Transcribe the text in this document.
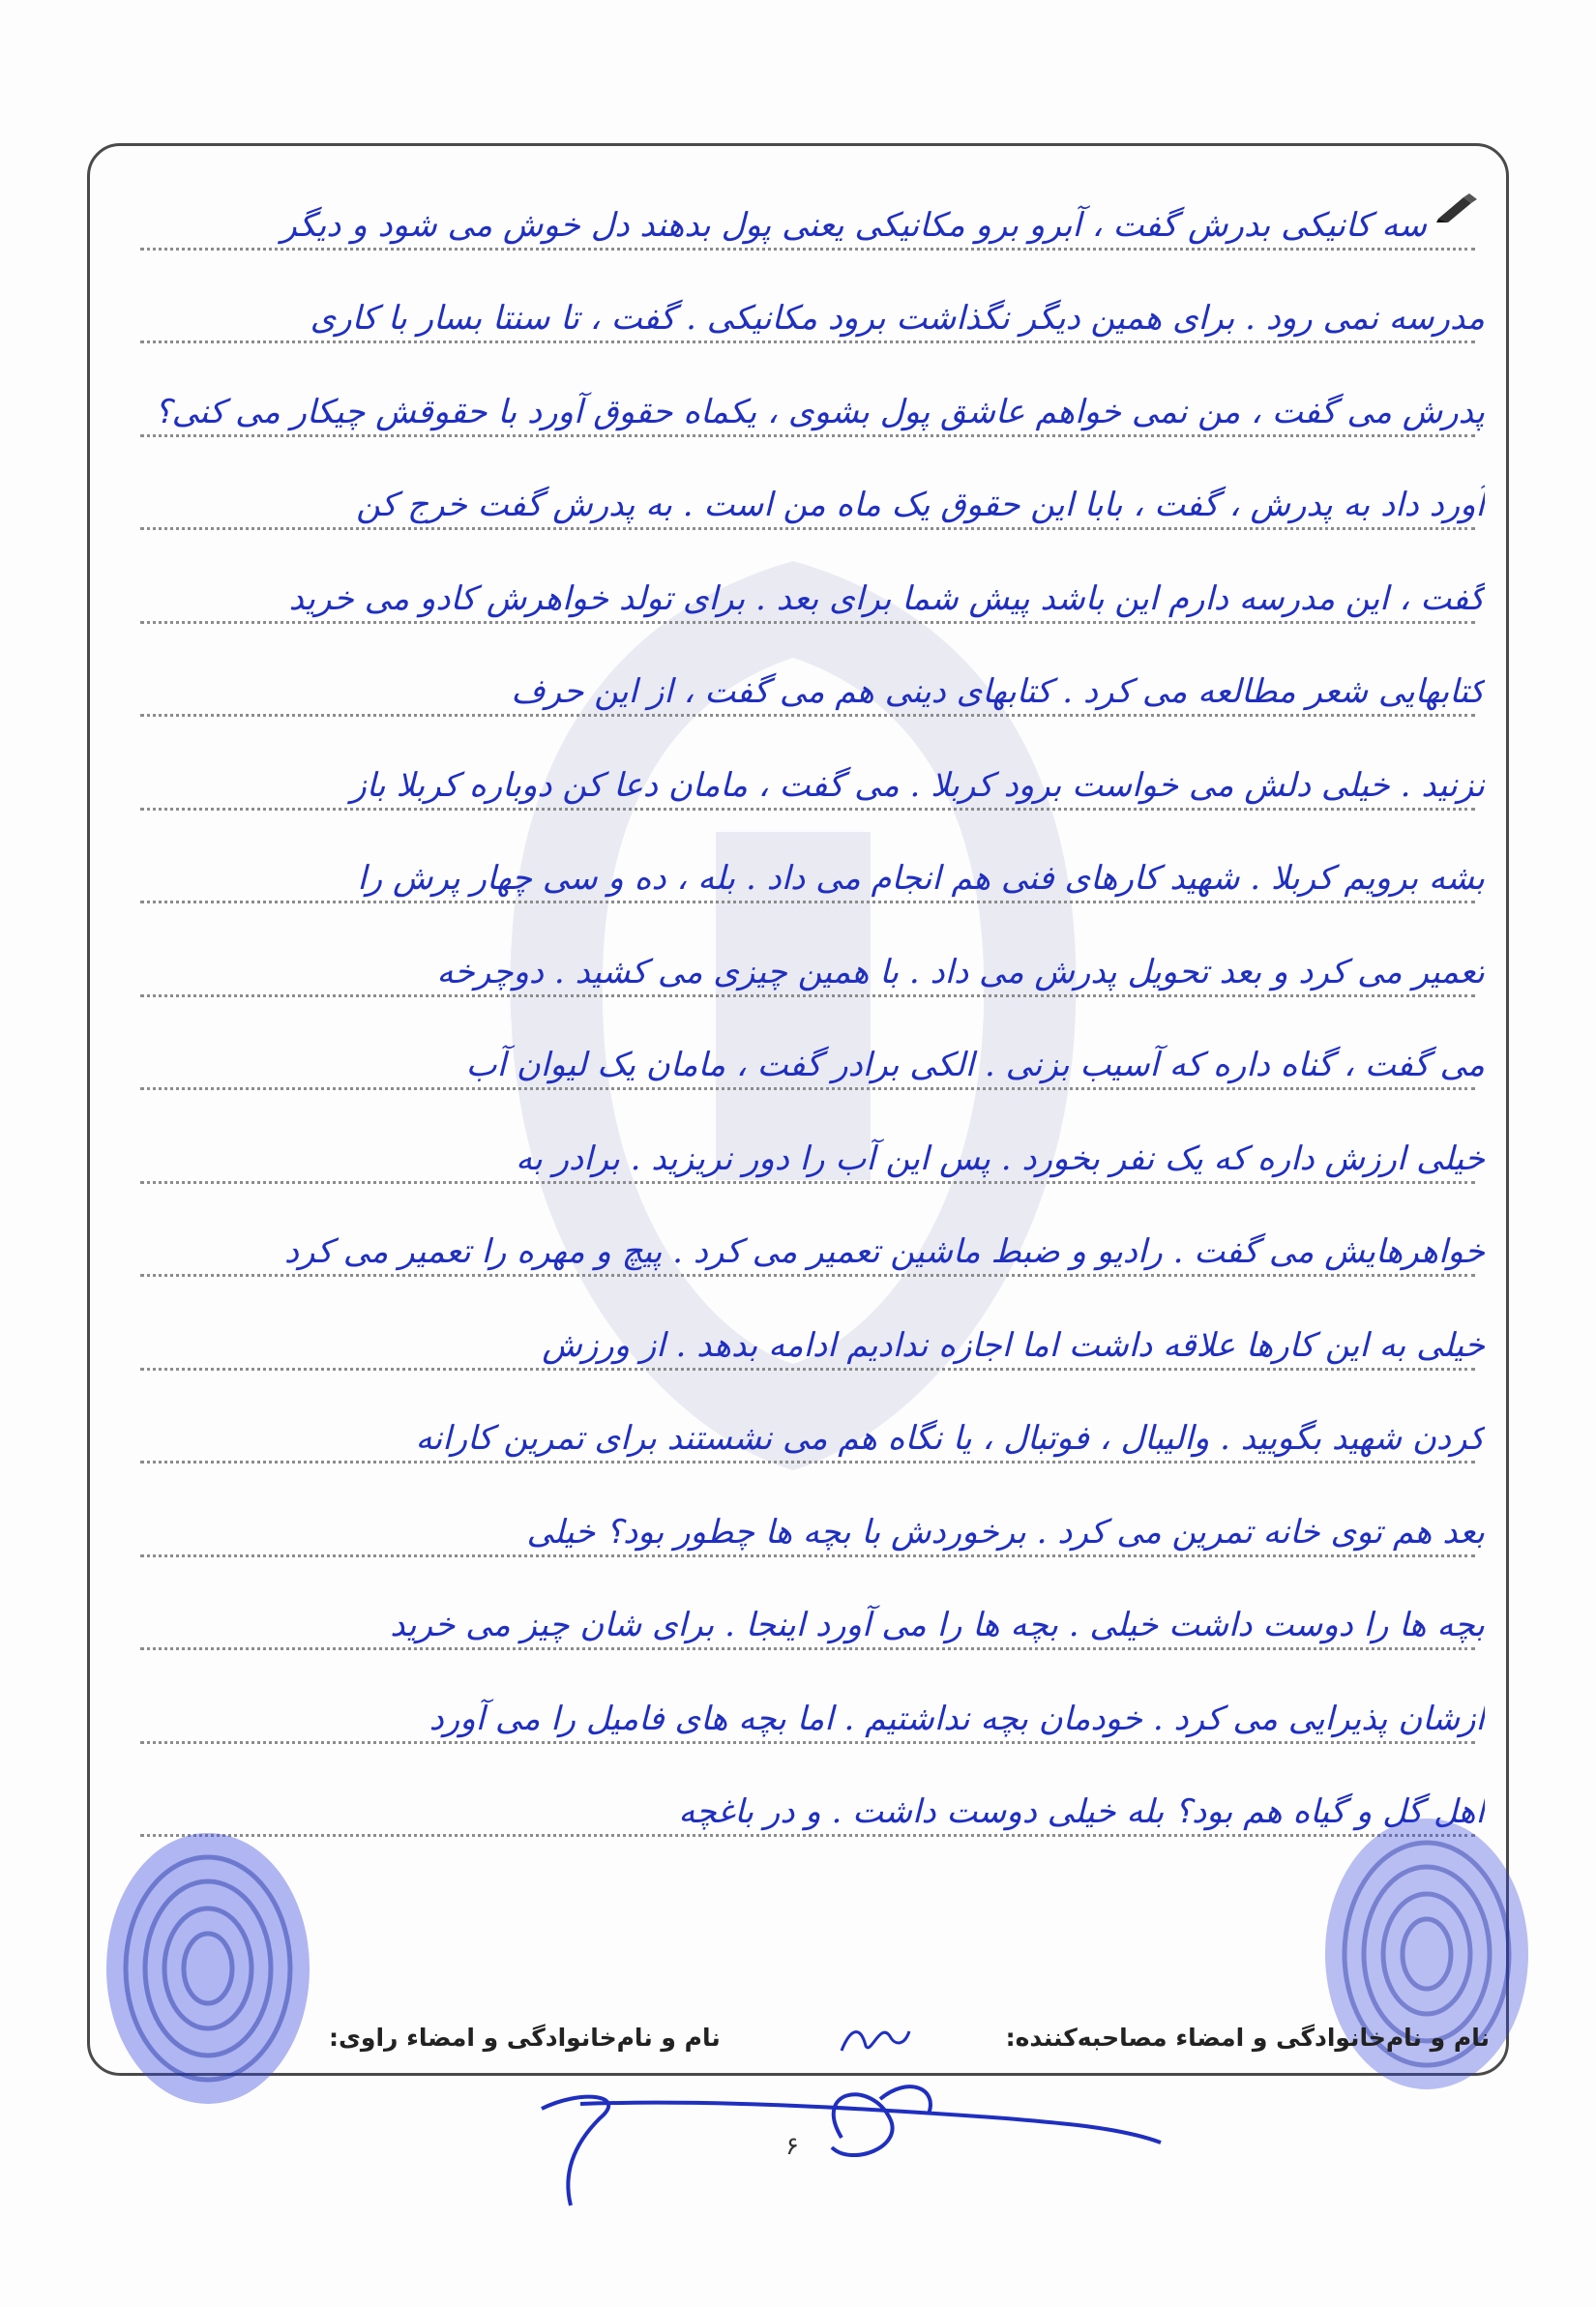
سه کانیکی بدرش گفت ، آبرو برو مکانیکی یعنی پول بدهند دل خوش می شود و دیگر
مدرسه نمی رود . برای همین دیگر نگذاشت برود مکانیکی . گفت ، تا سنتا بسار با کاری
پدرش می گفت ، من نمی خواهم عاشق پول بشوی ، یکماه حقوق آورد با حقوقش چیکار می کنی؟
آورد داد به پدرش ، گفت ، بابا این حقوق یک ماه من است . به پدرش گفت خرج کن
گفت ، این مدرسه دارم این باشد پیش شما برای بعد . برای تولد خواهرش کادو می خرید
کتابهایی شعر مطالعه می کرد . کتابهای دینی هم می گفت ، از این حرف
نزنید . خیلی دلش می خواست برود کربلا . می گفت ، مامان دعا کن دوباره کربلا باز
بشه برویم کربلا . شهید کارهای فنی هم انجام می داد . بله ، ده و سی چهار پرش را
تعمیر می کرد و بعد تحویل پدرش می داد . با همین چیزی می کشید . دوچرخه
می گفت ، گناه داره که آسیب بزنی . الکی برادر گفت ، مامان یک لیوان آب
خیلی ارزش داره که یک نفر بخورد . پس این آب را دور نریزید . برادر به
خواهرهایش می گفت . رادیو و ضبط ماشین تعمیر می کرد . پیچ ‌و مهره را تعمیر می کرد
خیلی به این کارها علاقه داشت اما اجازه ندادیم ادامه بدهد . از ورزش
کردن شهید بگویید . والیبال ، فوتبال ، یا نگاه هم می نشستند برای تمرین کارانه
بعد هم توی خانه تمرین می کرد . برخوردش با بچه ها چطور بود؟ خیلی
بچه ها را دوست داشت خیلی . بچه ها را می آورد اینجا . برای شان چیز می خرید
ازشان پذیرایی می کرد . خودمان بچه نداشتیم . اما بچه های فامیل را می آورد
اهل گل و گیاه هم بود؟ بله خیلی دوست داشت . و در باغچه
نام و نام‌خانوادگی و امضاء مصاحبه‌کننده:
نام و نام‌خانوادگی و امضاء راوی:
۶
